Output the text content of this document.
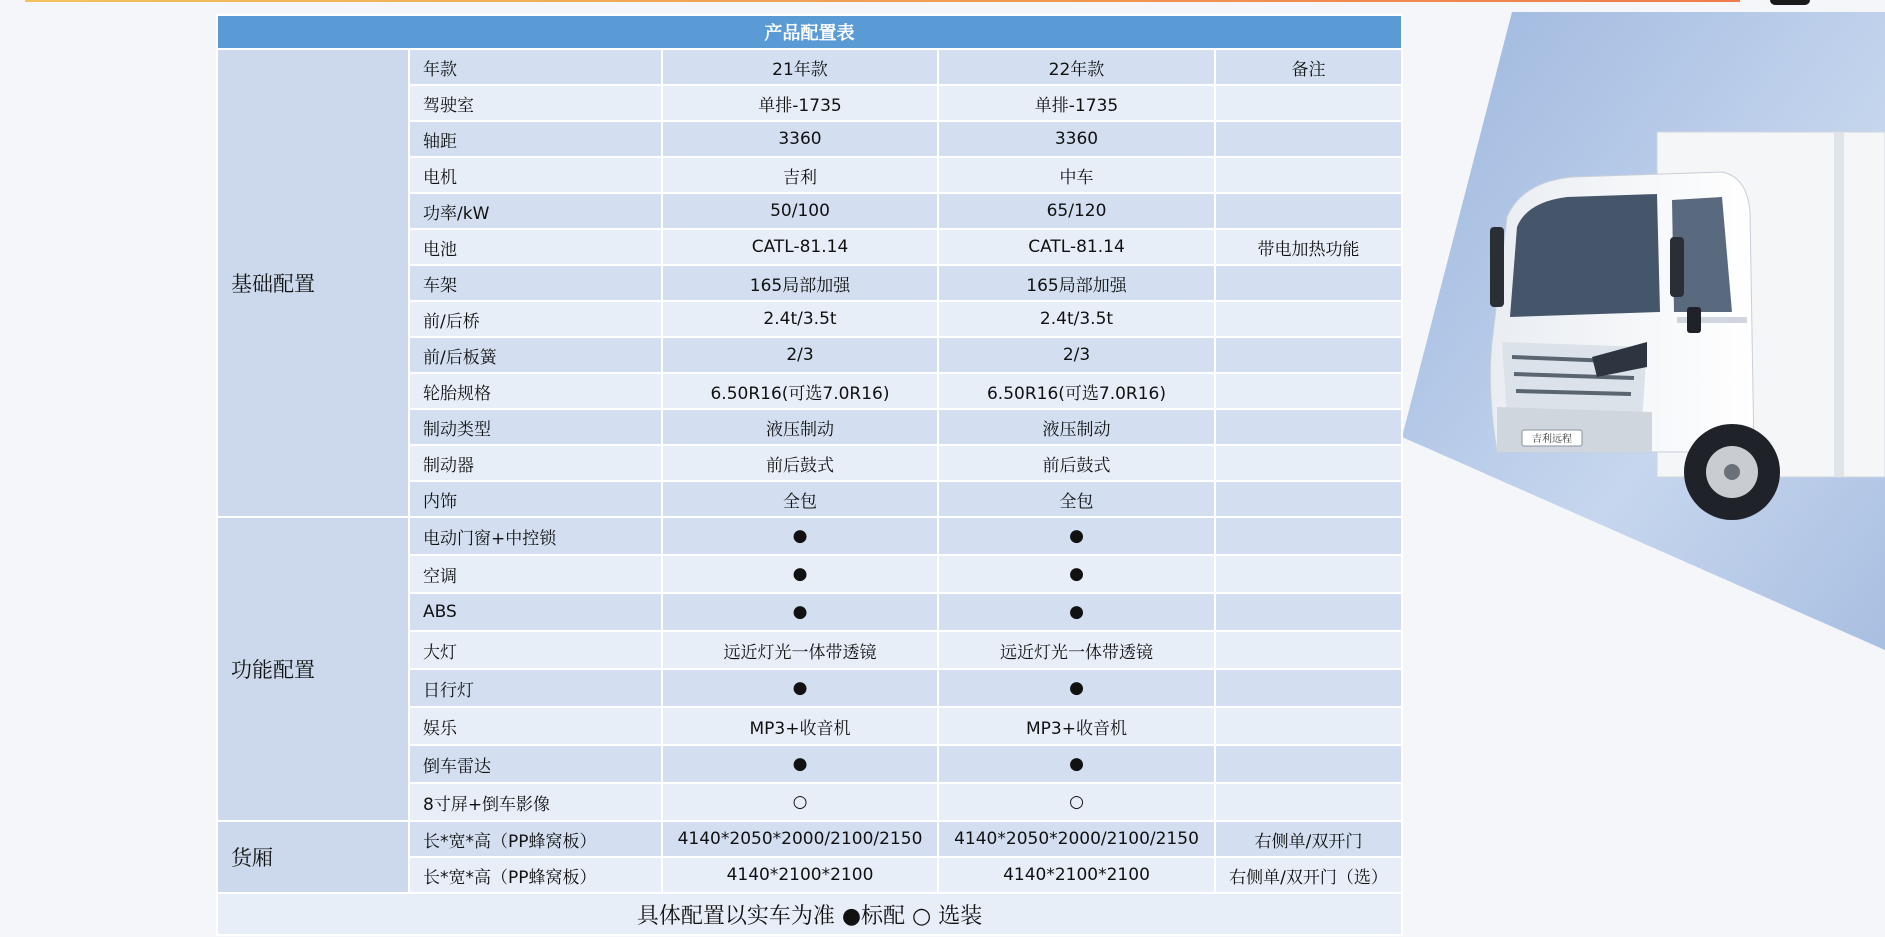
吉利远程
产品配置表				
基础配置	年款	21年款	22年款	备注
	驾驶室	单排-1735	单排-1735	
	轴距	3360	3360	
	电机	吉利	中车	
	功率/kW	50/100	65/120	
	电池	CATL-81.14	CATL-81.14	带电加热功能
	车架	165局部加强	165局部加强	
	前/后桥	2.4t/3.5t	2.4t/3.5t	
	前/后板簧	2/3	2/3	
	轮胎规格	6.50R16(可选7.0R16)	6.50R16(可选7.0R16)	
	制动类型	液压制动	液压制动	
	制动器	前后鼓式	前后鼓式	
	内饰	全包	全包	
功能配置	电动门窗+中控锁	●	●	
	空调	●	●	
	ABS	●	●	
	大灯	远近灯光一体带透镜	远近灯光一体带透镜	
	日行灯	●	●	
	娱乐	MP3+收音机	MP3+收音机	
	倒车雷达	●	●	
	8寸屏+倒车影像	○	○	
货厢	长*宽*高（PP蜂窝板）	4140*2050*2000/2100/2150	4140*2050*2000/2100/2150	右侧单/双开门
	长*宽*高（PP蜂窝板）	4140*2100*2100	4140*2100*2100	右侧单/双开门（选）
具体配置以实车为准 ●标配 ○ 选装				
